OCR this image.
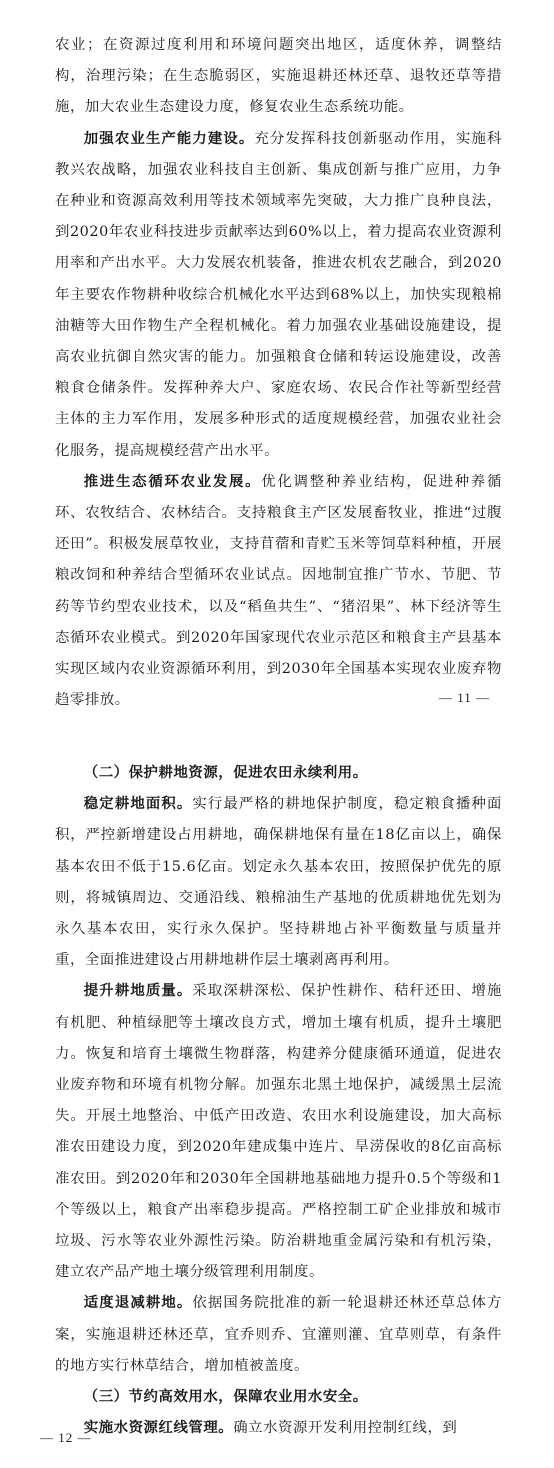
农业；在资源过度利用和环境问题突出地区，适度休养，调整结构，治理污染；在生态脆弱区，实施退耕还林还草、退牧还草等措施，加大农业生态建设力度，修复农业生态系统功能。

加强农业生产能力建设。充分发挥科技创新驱动作用，实施科教兴农战略，加强农业科技自主创新、集成创新与推广应用，力争在种业和资源高效利用等技术领域率先突破，大力推广良种良法，到2020年农业科技进步贡献率达到60%以上，着力提高农业资源利用率和产出水平。大力发展农机装备，推进农机农艺融合，到2020年主要农作物耕种收综合机械化水平达到68%以上，加快实现粮棉油糖等大田作物生产全程机械化。着力加强农业基础设施建设，提高农业抗御自然灾害的能力。加强粮食仓储和转运设施建设，改善粮食仓储条件。发挥种养大户、家庭农场、农民合作社等新型经营主体的主力军作用，发展多种形式的适度规模经营，加强农业社会化服务，提高规模经营产出水平。

推进生态循环农业发展。优化调整种养业结构，促进种养循环、农牧结合、农林结合。支持粮食主产区发展畜牧业，推进“过腹还田”。积极发展草牧业，支持苜蓿和青贮玉米等饲草料种植，开展粮改饲和种养结合型循环农业试点。因地制宜推广节水、节肥、节药等节约型农业技术，以及“稻鱼共生”、“猪沼果”、林下经济等生态循环农业模式。到2020年国家现代农业示范区和粮食主产县基本实现区域内农业资源循环利用，到2030年全国基本实现农业废弃物趋零排放。	— 11 —

（二）保护耕地资源，促进农田永续利用。

稳定耕地面积。实行最严格的耕地保护制度，稳定粮食播种面积，严控新增建设占用耕地，确保耕地保有量在18亿亩以上，确保基本农田不低于15.6亿亩。划定永久基本农田，按照保护优先的原则，将城镇周边、交通沿线、粮棉油生产基地的优质耕地优先划为永久基本农田，实行永久保护。坚持耕地占补平衡数量与质量并重，全面推进建设占用耕地耕作层土壤剥离再利用。

提升耕地质量。采取深耕深松、保护性耕作、秸秆还田、增施有机肥、种植绿肥等土壤改良方式，增加土壤有机质，提升土壤肥力。恢复和培育土壤微生物群落，构建养分健康循环通道，促进农业废弃物和环境有机物分解。加强东北黑土地保护，减缓黑土层流失。开展土地整治、中低产田改造、农田水利设施建设，加大高标准农田建设力度，到2020年建成集中连片、旱涝保收的8亿亩高标准农田。到2020年和2030年全国耕地基础地力提升0.5个等级和1个等级以上，粮食产出率稳步提高。严格控制工矿企业排放和城市垃圾、污水等农业外源性污染。防治耕地重金属污染和有机污染，建立农产品产地土壤分级管理利用制度。

适度退减耕地。依据国务院批准的新一轮退耕还林还草总体方案，实施退耕还林还草，宜乔则乔、宜灌则灌、宜草则草，有条件的地方实行林草结合，增加植被盖度。

（三）节约高效用水，保障农业用水安全。

实施水资源红线管理。确立水资源开发利用控制红线，到

— 12 —
